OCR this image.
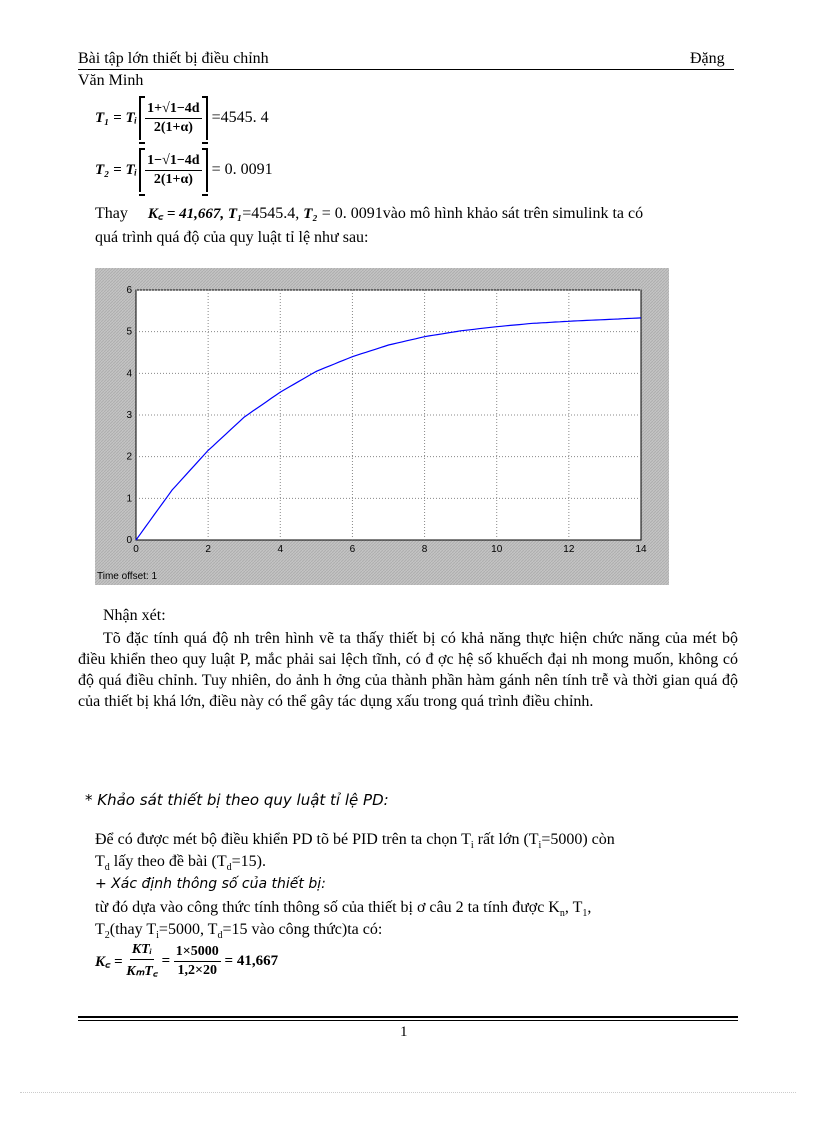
Bài tập lớn thiết bị điều chỉnh	Đặng
Văn Minh
T₁ = Tᵢ $\frac{1+√1-4d}{2(1+\alpha)} =4545$. 4
T₂ = Tᵢ $\frac{1-√1-4d}{2(1+\alpha)} = 0$. 0091
Thay K꜀ = 41,667, T₁=4545.4, T₂ = 0. 0091vào mô hình khảo sát trên simulink ta có
quá trình quá độ của quy luật tỉ lệ như sau:
0	2	4	6	8	10	12	14
0
1
2
3
4
5
6
Time offset: 1
Nhận xét:
Tõ đặc tính quá độ nh trên hình vẽ ta thấy thiết bị có khả năng thực hiện chức năng của mét bộ điều khiển theo quy luật P, mắc phải sai lệch tĩnh, có đ ợc hệ số khuếch đại nh mong muốn, không có độ quá điều chỉnh. Tuy nhiên, do ảnh h ởng của thành phần hàm gánh nên tính trễ và thời gian quá độ của thiết bị khá lớn, điều này có thể gây tác dụng xấu trong quá trình điều chỉnh.
* Khảo sát thiết bị theo quy luật tỉ lệ PD:
Để có được mét bộ điều khiển PD tõ bé PID trên ta chọn $T_i$ rất lớn $(T_i=5000)$ còn
$T_d$ lấy theo đề bài $(T_d=15)$.
+ Xác định thông số của thiết bị:
từ đó dựa vào công thức tính thông số của thiết bị ơ câu 2 ta tính được $K_n$, $T_1$,
$T_2(thay$ $T_i=5000$, $T_d=15$ vào công thức)ta có:
K꜀ =
$\frac{\text{KTᵢ}}{\text{KₘT꜀}} = \frac{1\times 5000}{1,2\times 20}$
= 41,667
1
